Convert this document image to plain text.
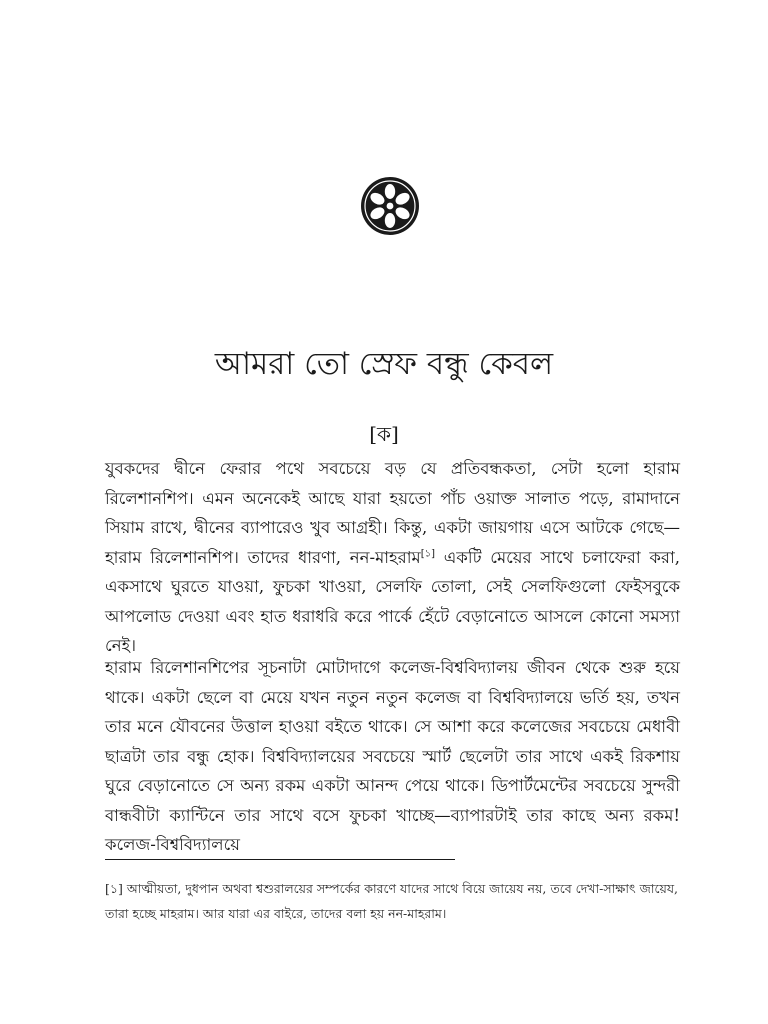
আমরা তো স্রেফ বন্ধু কেবল
[ক]

যুবকদের দ্বীনে ফেরার পথে সবচেয়ে বড় যে প্রতিবন্ধকতা, সেটা হলো হারাম রিলেশানশিপ। এমন অনেকেই আছে যারা হয়তো পাঁচ ওয়াক্ত সালাত পড়ে, রামাদানে সিয়াম রাখে, দ্বীনের ব্যাপারেও খুব আগ্রহী। কিন্তু, একটা জায়গায় এসে আটকে গেছে—হারাম রিলেশানশিপ। তাদের ধারণা, নন-মাহরাম[১] একটি মেয়ের সাথে চলাফেরা করা, একসাথে ঘুরতে যাওয়া, ফুচকা খাওয়া, সেলফি তোলা, সেই সেলফিগুলো ফেইসবুকে আপলোড দেওয়া এবং হাত ধরাধরি করে পার্কে হেঁটে বেড়ানোতে আসলে কোনো সমস্যা নেই।

হারাম রিলেশানশিপের সূচনাটা মোটাদাগে কলেজ-বিশ্ববিদ্যালয় জীবন থেকে শুরু হয়ে থাকে। একটা ছেলে বা মেয়ে যখন নতুন নতুন কলেজ বা বিশ্ববিদ্যালয়ে ভর্তি হয়, তখন তার মনে যৌবনের উত্তাল হাওয়া বইতে থাকে। সে আশা করে কলেজের সবচেয়ে মেধাবী ছাত্রটা তার বন্ধু হোক। বিশ্ববিদ্যালয়ের সবচেয়ে স্মার্ট ছেলেটা তার সাথে একই রিকশায় ঘুরে বেড়ানোতে সে অন্য রকম একটা আনন্দ পেয়ে থাকে। ডিপার্টমেন্টের সবচেয়ে সুন্দরী বান্ধবীটা ক্যান্টিনে তার সাথে বসে ফুচকা খাচ্ছে—ব্যাপারটাই তার কাছে অন্য রকম! কলেজ-বিশ্ববিদ্যালয়ে

[১] আত্মীয়তা, দুধপান অথবা শ্বশুরালয়ের সম্পর্কের কারণে যাদের সাথে বিয়ে জায়েয নয়, তবে দেখা-সাক্ষাৎ জায়েয, তারা হচ্ছে মাহরাম। আর যারা এর বাইরে, তাদের বলা হয় নন-মাহরাম।
